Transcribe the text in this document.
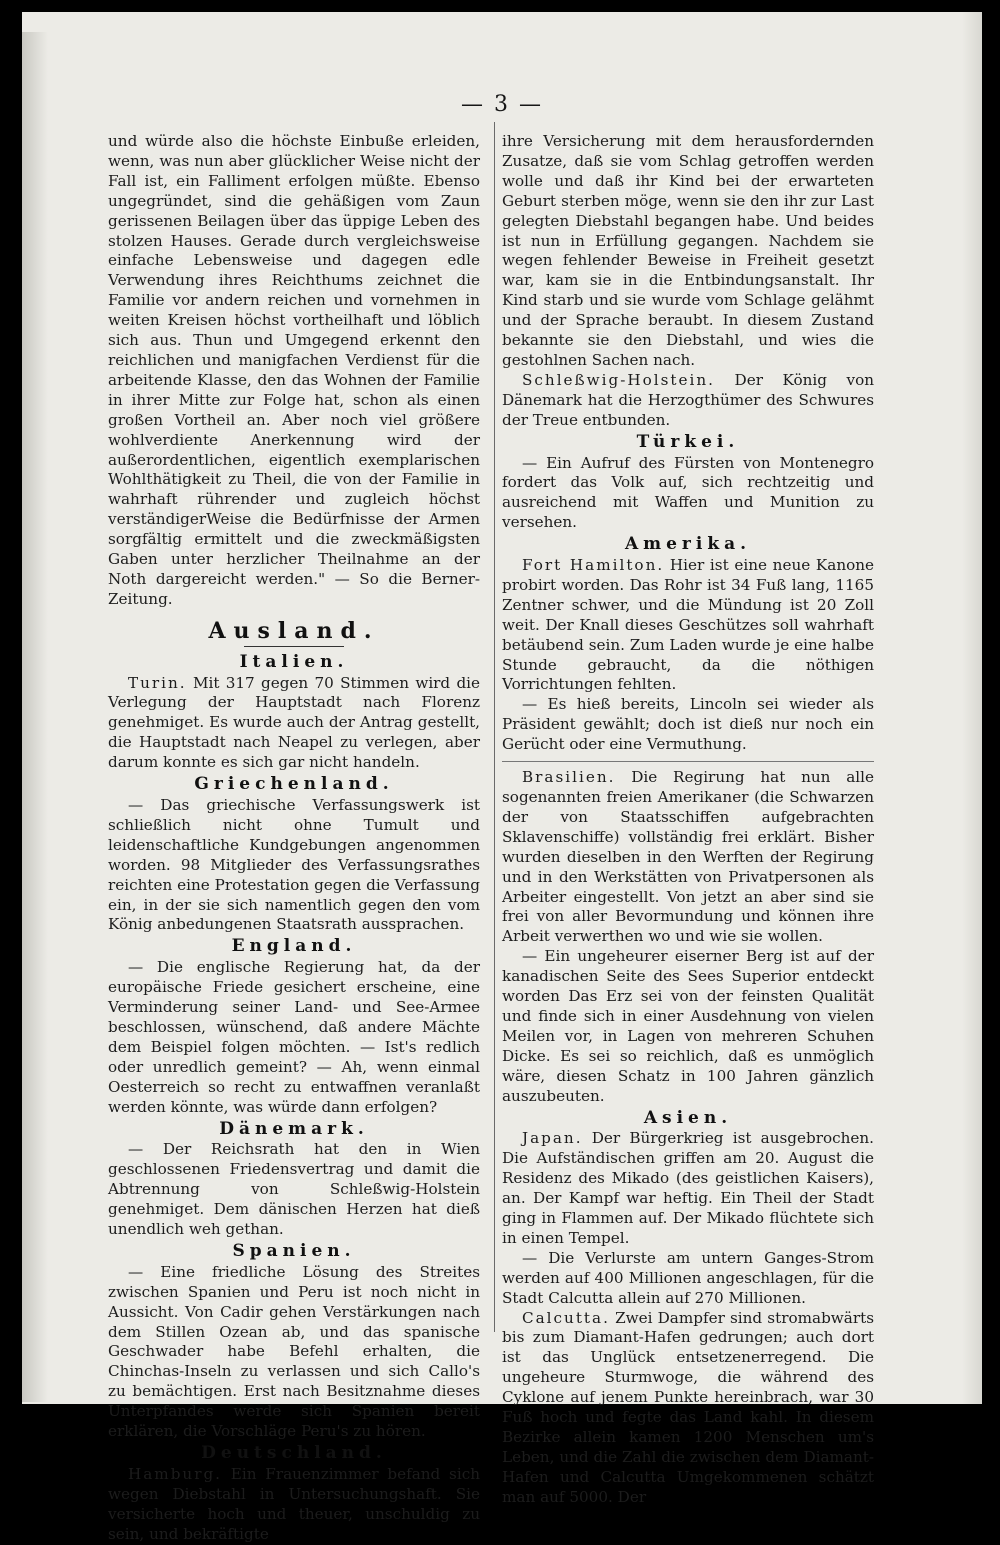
— 3 —

und würde also die höchste Einbuße erleiden, wenn, was nun aber glücklicher Weise nicht der Fall ist, ein Falliment erfolgen müßte. Ebenso ungegründet, sind die gehäßigen vom Zaun gerissenen Beilagen über das üppige Leben des stolzen Hauses. Gerade durch vergleichsweise einfache Lebensweise und dagegen edle Verwendung ihres Reichthums zeichnet die Familie vor andern reichen und vornehmen in weiten Kreisen höchst vortheilhaft und löblich sich aus. Thun und Umgegend erkennt den reichlichen und manigfachen Verdienst für die arbeitende Klasse, den das Wohnen der Familie in ihrer Mitte zur Folge hat, schon als einen großen Vortheil an. Aber noch viel größere wohlverdiente Anerkennung wird der außerordentlichen, eigentlich exemplarischen Wohlthätigkeit zu Theil, die von der Familie in wahrhaft rührender und zugleich höchst verständigerWeise die Bedürfnisse der Armen sorgfältig ermittelt und die zweckmäßigsten Gaben unter herzlicher Theilnahme an der Noth dargereicht werden." — So die Berner-Zeitung.

Ausland.
Italien.

Turin. Mit 317 gegen 70 Stimmen wird die Verlegung der Hauptstadt nach Florenz genehmiget. Es wurde auch der Antrag gestellt, die Hauptstadt nach Neapel zu verlegen, aber darum konnte es sich gar nicht handeln.

Griechenland.

— Das griechische Verfassungswerk ist schließlich nicht ohne Tumult und leidenschaftliche Kundgebungen angenommen worden. 98 Mitglieder des Verfassungsrathes reichten eine Protestation gegen die Verfassung ein, in der sie sich namentlich gegen den vom König anbedungenen Staatsrath aussprachen.

England.

— Die englische Regierung hat, da der europäische Friede gesichert erscheine, eine Verminderung seiner Land- und See-Armee beschlossen, wünschend, daß andere Mächte dem Beispiel folgen möchten. — Ist's redlich oder unredlich gemeint? — Ah, wenn einmal Oesterreich so recht zu entwaffnen veranlaßt werden könnte, was würde dann erfolgen?

Dänemark.

— Der Reichsrath hat den in Wien geschlossenen Friedensvertrag und damit die Abtrennung von Schleßwig-Holstein genehmiget. Dem dänischen Herzen hat dieß unendlich weh gethan.

Spanien.

— Eine friedliche Lösung des Streites zwischen Spanien und Peru ist noch nicht in Aussicht. Von Cadir gehen Verstärkungen nach dem Stillen Ozean ab, und das spanische Geschwader habe Befehl erhalten, die Chinchas-Inseln zu verlassen und sich Callo's zu bemächtigen. Erst nach Besitznahme dieses Unterpfandes werde sich Spanien bereit erklären, die Vorschläge Peru's zu hören.

Deutschland.

Hamburg. Ein Frauenzimmer befand sich wegen Diebstahl in Untersuchungshaft. Sie versicherte hoch und theuer, unschuldig zu sein, und bekräftigte

ihre Versicherung mit dem herausfordernden Zusatze, daß sie vom Schlag getroffen werden wolle und daß ihr Kind bei der erwarteten Geburt sterben möge, wenn sie den ihr zur Last gelegten Diebstahl begangen habe. Und beides ist nun in Erfüllung gegangen. Nachdem sie wegen fehlender Beweise in Freiheit gesetzt war, kam sie in die Entbindungsanstalt. Ihr Kind starb und sie wurde vom Schlage gelähmt und der Sprache beraubt. In diesem Zustand bekannte sie den Diebstahl, und wies die gestohlnen Sachen nach.

Schleßwig-Holstein. Der König von Dänemark hat die Herzogthümer des Schwures der Treue entbunden.

Türkei.

— Ein Aufruf des Fürsten von Montenegro fordert das Volk auf, sich rechtzeitig und ausreichend mit Waffen und Munition zu versehen.

Amerika.

Fort Hamilton. Hier ist eine neue Kanone probirt worden. Das Rohr ist 34 Fuß lang, 1165 Zentner schwer, und die Mündung ist 20 Zoll weit. Der Knall dieses Geschützes soll wahrhaft betäubend sein. Zum Laden wurde je eine halbe Stunde gebraucht, da die nöthigen Vorrichtungen fehlten.

— Es hieß bereits, Lincoln sei wieder als Präsident gewählt; doch ist dieß nur noch ein Gerücht oder eine Vermuthung.

Brasilien. Die Regirung hat nun alle sogenannten freien Amerikaner (die Schwarzen der von Staatsschiffen aufgebrachten Sklavenschiffe) vollständig frei erklärt. Bisher wurden dieselben in den Werften der Regirung und in den Werkstätten von Privatpersonen als Arbeiter eingestellt. Von jetzt an aber sind sie frei von aller Bevormundung und können ihre Arbeit verwerthen wo und wie sie wollen.

— Ein ungeheurer eiserner Berg ist auf der kanadischen Seite des Sees Superior entdeckt worden Das Erz sei von der feinsten Qualität und finde sich in einer Ausdehnung von vielen Meilen vor, in Lagen von mehreren Schuhen Dicke. Es sei so reichlich, daß es unmöglich wäre, diesen Schatz in 100 Jahren gänzlich auszubeuten.

Asien.

Japan. Der Bürgerkrieg ist ausgebrochen. Die Aufständischen griffen am 20. August die Residenz des Mikado (des geistlichen Kaisers), an. Der Kampf war heftig. Ein Theil der Stadt ging in Flammen auf. Der Mikado flüchtete sich in einen Tempel.

— Die Verlurste am untern Ganges-Strom werden auf 400 Millionen angeschlagen, für die Stadt Calcutta allein auf 270 Millionen.

Calcutta. Zwei Dampfer sind stromabwärts bis zum Diamant-Hafen gedrungen; auch dort ist das Unglück entsetzenerregend. Die ungeheure Sturmwoge, die während des Cyklone auf jenem Punkte hereinbrach, war 30 Fuß hoch und fegte das Land kahl. In diesem Bezirke allein kamen 1200 Menschen um's Leben, und die Zahl die zwischen dem Diamant-Hafen und Calcutta Umgekommenen schätzt man auf 5000. Der
